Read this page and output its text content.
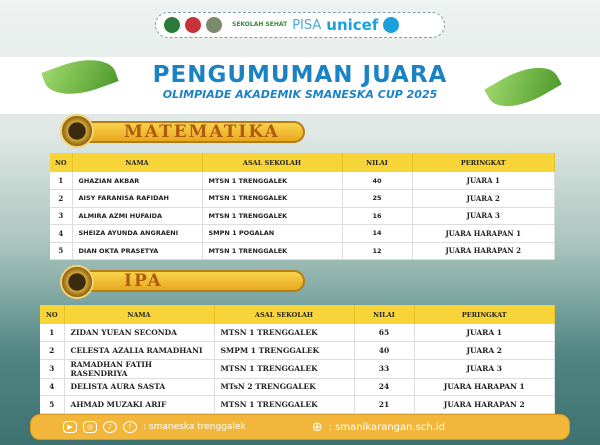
SEKOLAH SEHAT PISA unicef
PENGUMUMAN JUARA
OLIMPIADE AKADEMIK SMANESKA CUP 2025
MATEMATIKA
NO	NAMA	ASAL SEKOLAH	NILAI	PERINGKAT
1	GHAZIAN AKBAR	MTSN 1 TRENGGALEK	40	JUARA 1
2	AISY FARANISA RAFIDAH	MTSN 1 TRENGGALEK	25	JUARA 2
3	ALMIRA AZMI HUFAIDA	MTSN 1 TRENGGALEK	16	JUARA 3
4	SHEIZA AYUNDA ANGRAENI	SMPN 1 POGALAN	14	JUARA HARAPAN 1
5	DIAN OKTA PRASETYA	MTSN 1 TRENGGALEK	12	JUARA HARAPAN 2
IPA
NO	NAMA	ASAL SEKOLAH	NILAI	PERINGKAT
1	ZIDAN YUEAN SECONDA	MTSN 1 TRENGGALEK	65	JUARA 1
2	CELESTA AZALIA RAMADHANI	SMPM 1 TRENGGALEK	40	JUARA 2
3	RAMADHAN FATIH RASENDRIYA	MTSN 1 TRENGGALEK	33	JUARA 3
4	DELISTA AURA SASTA	MTsN 2 TRENGGALEK	24	JUARA HARAPAN 1
5	AHMAD MUZAKI ARIF	MTSN 1 TRENGGALEK	21	JUARA HARAPAN 2
▶	◎	♪	f	: smaneska trenggalek	⊕ : smanikarangan.sch.id
